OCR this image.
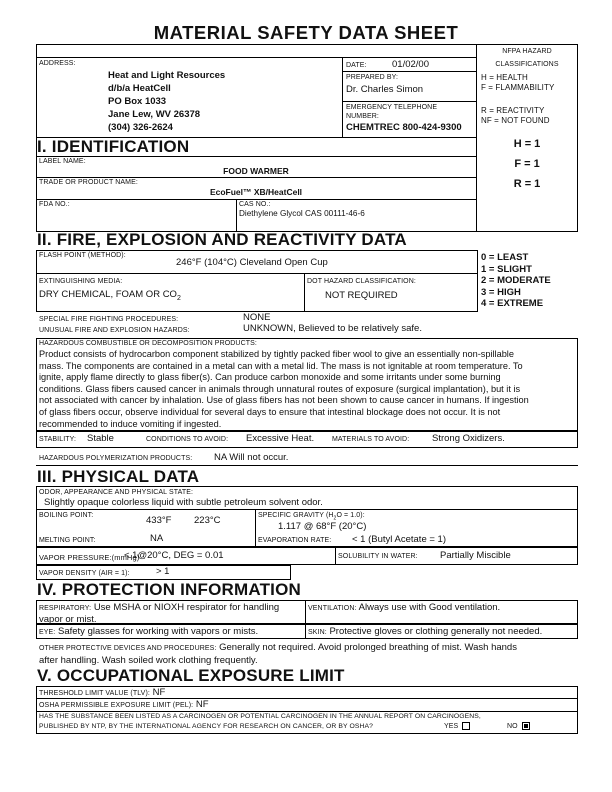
MATERIAL SAFETY DATA SHEET
ADDRESS:
Heat and Light Resources
d/b/a HeatCell
PO Box 1033
Jane Lew, WV 26378
(304) 326-2624
DATE:	01/02/00
PREPARED BY:
Dr. Charles Simon
EMERGENCY TELEPHONE
NUMBER:
CHEMTREC 800-424-9300
NFPA HAZARD
CLASSIFICATIONS
H = HEALTH
F = FLAMMABILITY
R = REACTIVITY
NF = NOT FOUND
H = 1
F = 1
R = 1
I. IDENTIFICATION
LABEL NAME:
FOOD WARMER
TRADE OR PRODUCT NAME:
EcoFuel™ XB/HeatCell
FDA NO.:	CAS NO.:
Diethylene Glycol CAS 00111-46-6
II. FIRE, EXPLOSION AND REACTIVITY DATA
FLASH POINT (METHOD):
246°F (104°C) Cleveland Open Cup
EXTINGUISHING MEDIA:
DRY CHEMICAL, FOAM OR $CO_2$
DOT HAZARD CLASSIFICATION:
NOT REQUIRED
0 = LEAST
1 = SLIGHT
2 = MODERATE
3 = HIGH
4 = EXTREME
SPECIAL FIRE FIGHTING PROCEDURES:	NONE
UNUSUAL FIRE AND EXPLOSION HAZARDS:	UNKNOWN, Believed to be relatively safe.
HAZARDOUS COMBUSTIBLE OR DECOMPOSITION PRODUCTS:
Product consists of hydrocarbon component stabilized by tightly packed fiber wool to give an essentially non-spillable
mass. The components are contained in a metal can with a metal lid. The mass is not ignitable at room temperature. To
ignite, apply flame directly to glass fiber(s). Can produce carbon monoxide and some irritants under some burning
conditions. Glass fibers caused cancer in animals through unnatural routes of exposure (surgical implantation), but it is
not associated with cancer by inhalation. Use of glass fibers has not been shown to cause cancer in humans. If ingestion
of glass fibers occur, observe individual for several days to ensure that intestinal blockage does not occur. It is not
recommended to induce vomiting if ingested.
STABILITY: Stable	CONDITIONS TO AVOID: Excessive Heat.	MATERIALS TO AVOID: Strong Oxidizers.
HAZARDOUS POLYMERIZATION PRODUCTS: NA Will not occur.
III. PHYSICAL DATA
ODOR, APPEARANCE AND PHYSICAL STATE:
Slightly opaque colorless liquid with subtle petroleum solvent odor.
BOILING POINT:	433°F 223°C	SPECIFIC GRAVITY $(H_2O = 1.0)$:
1.117 @ 68°F (20°C)
MELTING POINT:	NA	EVAPORATION RATE: < 1 (Butyl Acetate = 1)
VAPOR PRESSURE:(mmHg)
< 1@20°C, DEG = 0.01	SOLUBILITY IN WATER: Partially Miscible
VAPOR DENSITY (AIR = 1):	> 1
IV. PROTECTION INFORMATION
RESPIRATORY: Use MSHA or NIOXH respirator for handling
vapor or mist.
VENTILATION: Always use with Good ventilation.
EYE: Safety glasses for working with vapors or mists.	SKIN: Protective gloves or clothing generally not needed.
OTHER PROTECTIVE DEVICES AND PROCEDURES: Generally not required. Avoid prolonged breathing of mist. Wash hands
after handling. Wash soiled work clothing frequently.
V. OCCUPATIONAL EXPOSURE LIMIT
THRESHOLD LIMIT VALUE (TLV): NF
OSHA PERMISSIBLE EXPOSURE LIMIT (PEL): NF
HAS THE SUBSTANCE BEEN LISTED AS A CARCINOGEN OR POTENTIAL CARCINOGEN IN THE ANNUAL REPORT ON CARCINOGENS,
PUBLISHED BY NTP, BY THE INTERNATIONAL AGENCY FOR RESEARCH ON CANCER, OR BY OSHA?	YES	NO
